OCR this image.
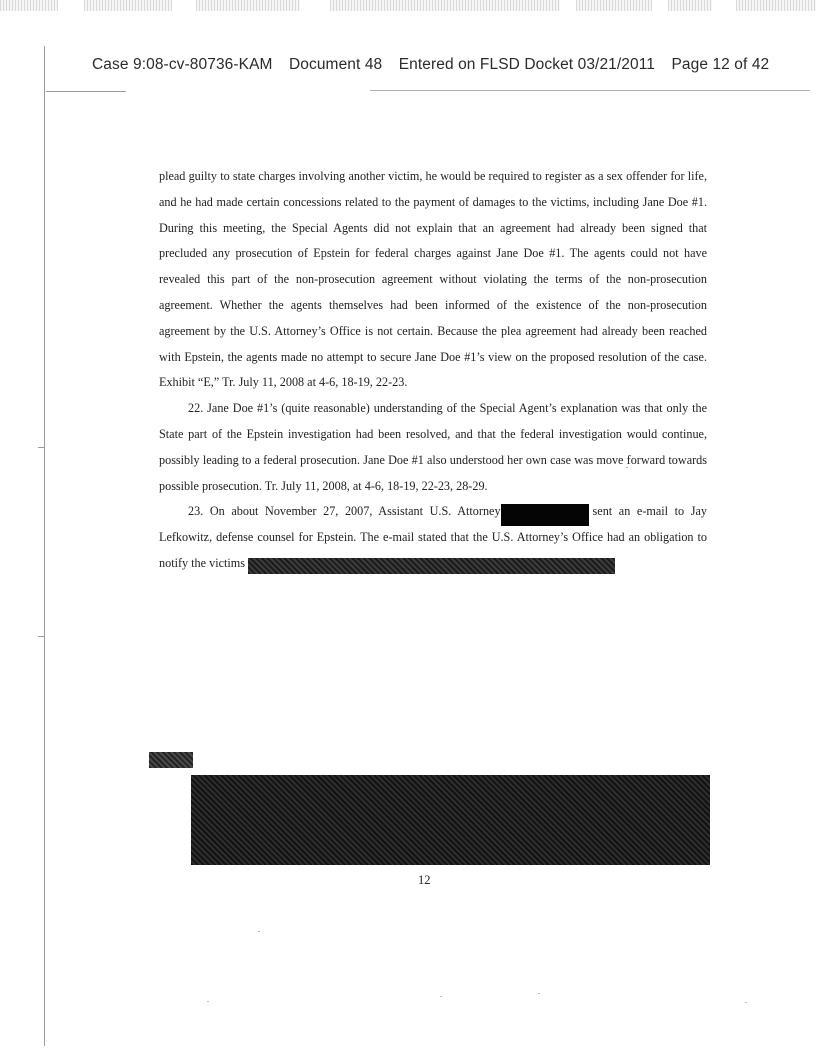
Case 9:08-cv-80736-KAM Document 48 Entered on FLSD Docket 03/21/2011 Page 12 of 42

plead guilty to state charges involving another victim, he would be required to register as a sex offender for life, and he had made certain concessions related to the payment of damages to the victims, including Jane Doe #1. During this meeting, the Special Agents did not explain that an agreement had already been signed that precluded any prosecution of Epstein for federal charges against Jane Doe #1. The agents could not have revealed this part of the non-prosecution agreement without violating the terms of the non-prosecution agreement. Whether the agents themselves had been informed of the existence of the non-prosecution agreement by the U.S. Attorney’s Office is not certain. Because the plea agreement had already been reached with Epstein, the agents made no attempt to secure Jane Doe #1’s view on the proposed resolution of the case. Exhibit “E,” Tr. July 11, 2008 at 4-6, 18-19, 22-23.

22. Jane Doe #1’s (quite reasonable) understanding of the Special Agent’s explanation was that only the State part of the Epstein investigation had been resolved, and that the federal investigation would continue, possibly leading to a federal prosecution. Jane Doe #1 also understood her own case was move forward towards possible prosecution. Tr. July 11, 2008, at 4-6, 18-19, 22-23, 28-29.

23. On about November 27, 2007, Assistant U.S. Attorney	sent an e-mail to Jay Lefkowitz, defense counsel for Epstein. The e-mail stated that the U.S. Attorney’s Office had an obligation to notify the victims

12
